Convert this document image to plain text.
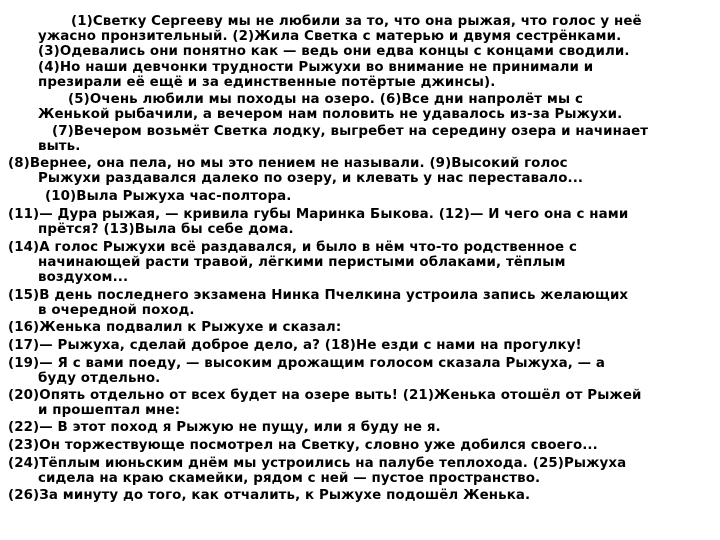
(1)Светку Сергееву мы не любили за то, что она рыжая, что голос у неё
ужасно пронзительный. (2)Жила Светка с матерью и двумя сестрёнками.
(3)Одевались они понятно как — ведь они едва концы с концами сводили.
(4)Но наши девчонки трудности Рыжухи во внимание не принимали и
презирали её ещё и за единственные потёртые джинсы).

(5)Очень любили мы походы на озеро. (6)Все дни напролёт мы с
Женькой рыбачили, а вечером нам половить не удавалось из-за Рыжухи.

(7)Вечером возьмёт Светка лодку, выгребет на середину озера и начинает
выть.

(8)Вернее, она пела, но мы это пением не называли. (9)Высокий голос
Рыжухи раздавался далеко по озеру, и клевать у нас переставало...

(10)Выла Рыжуха час-полтора.

(11)— Дура рыжая, — кривила губы Маринка Быкова. (12)— И чего она с нами
прётся? (13)Выла бы себе дома.

(14)А голос Рыжухи всё раздавался, и было в нём что-то родственное с
начинающей расти травой, лёгкими перистыми облаками, тёплым
воздухом...

(15)В день последнего экзамена Нинка Пчелкина устроила запись желающих
в очередной поход.

(16)Женька подвалил к Рыжухе и сказал:

(17)— Рыжуха, сделай доброе дело, а? (18)Не езди с нами на прогулку!

(19)— Я с вами поеду, — высоким дрожащим голосом сказала Рыжуха, — а
буду отдельно.

(20)Опять отдельно от всех будет на озере выть! (21)Женька отошёл от Рыжей
и прошептал мне:

(22)— В этот поход я Рыжую не пущу, или я буду не я.

(23)Он торжествующе посмотрел на Светку, словно уже добился своего...

(24)Тёплым июньским днём мы устроились на палубе теплохода. (25)Рыжуха
сидела на краю скамейки, рядом с ней — пустое пространство.

(26)За минуту до того, как отчалить, к Рыжухе подошёл Женька.
